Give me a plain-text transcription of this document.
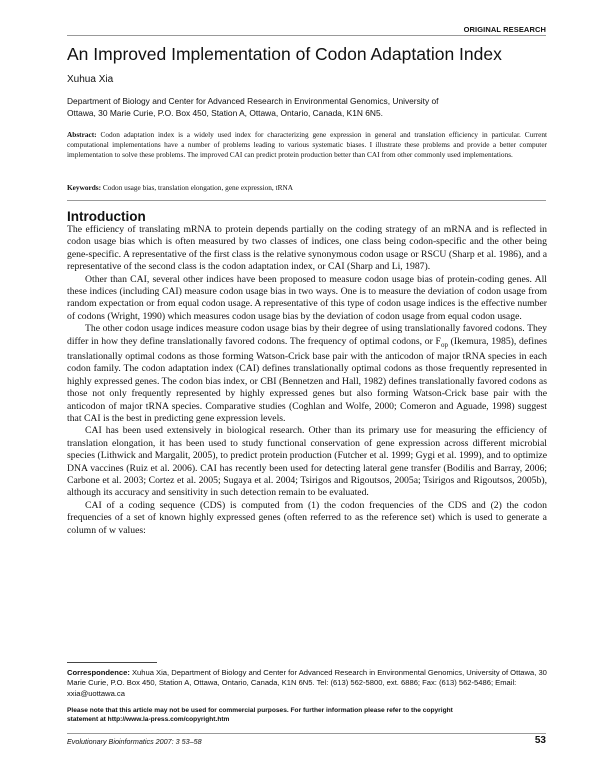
ORIGINAL RESEARCH
An Improved Implementation of Codon Adaptation Index
Xuhua Xia
Department of Biology and Center for Advanced Research in Environmental Genomics, University of
Ottawa, 30 Marie Curie, P.O. Box 450, Station A, Ottawa, Ontario, Canada, K1N 6N5.
Abstract: Codon adaptation index is a widely used index for characterizing gene expression in general and translation efficiency in particular. Current computational implementations have a number of problems leading to various systematic biases. I illustrate these problems and provide a better computer implementation to solve these problems. The improved CAI can predict protein production better than CAI from other commonly used implementations.
Keywords: Codon usage bias, translation elongation, gene expression, tRNA
Introduction

The efficiency of translating mRNA to protein depends partially on the coding strategy of an mRNA and is reflected in codon usage bias which is often measured by two classes of indices, one class being codon-specific and the other being gene-specific. A representative of the first class is the relative synonymous codon usage or RSCU (Sharp et al. 1986), and a representative of the second class is the codon adaptation index, or CAI (Sharp and Li, 1987).

Other than CAI, several other indices have been proposed to measure codon usage bias of protein-coding genes. All these indices (including CAI) measure codon usage bias in two ways. One is to measure the deviation of codon usage from random expectation or from equal codon usage. A representative of this type of codon usage indices is the effective number of codons (Wright, 1990) which measures codon usage bias by the deviation of codon usage from equal codon usage.

The other codon usage indices measure codon usage bias by their degree of using translationally favored codons. They differ in how they define translationally favored codons. The frequency of optimal codons, or $F_{op}$ (Ikemura, 1985), defines translationally optimal codons as those forming Watson-Crick base pair with the anticodon of major tRNA species in each codon family. The codon adaptation index (CAI) defines translationally optimal codons as those frequently represented in highly expressed genes. The codon bias index, or CBI (Bennetzen and Hall, 1982) defines translationally favored codons as those not only frequently represented by highly expressed genes but also forming Watson-Crick base pair with the anticodon of major tRNA species. Comparative studies (Coghlan and Wolfe, 2000; Comeron and Aguade, 1998) suggest that CAI is the best in predicting gene expression levels.

CAI has been used extensively in biological research. Other than its primary use for measuring the efficiency of translation elongation, it has been used to study functional conservation of gene expression across different microbial species (Lithwick and Margalit, 2005), to predict protein production (Futcher et al. 1999; Gygi et al. 1999), and to optimize DNA vaccines (Ruiz et al. 2006). CAI has recently been used for detecting lateral gene transfer (Bodilis and Barray, 2006; Carbone et al. 2003; Cortez et al. 2005; Sugaya et al. 2004; Tsirigos and Rigoutsos, 2005a; Tsirigos and Rigoutsos, 2005b), although its accuracy and sensitivity in such detection remain to be evaluated.

CAI of a coding sequence (CDS) is computed from (1) the codon frequencies of the CDS and (2) the codon frequencies of a set of known highly expressed genes (often referred to as the reference set) which is used to generate a column of w values:

Correspondence: Xuhua Xia, Department of Biology and Center for Advanced Research in Environmental Genomics, University of Ottawa, 30 Marie Curie, P.O. Box 450, Station A, Ottawa, Ontario, Canada, K1N 6N5. Tel: (613) 562-5800, ext. 6886; Fax: (613) 562-5486; Email: xxia@uottawa.ca
Please note that this article may not be used for commercial purposes. For further information please refer to the copyright
statement at http://www.la-press.com/copyright.htm
Evolutionary Bioinformatics 2007: 3 53–58	53
